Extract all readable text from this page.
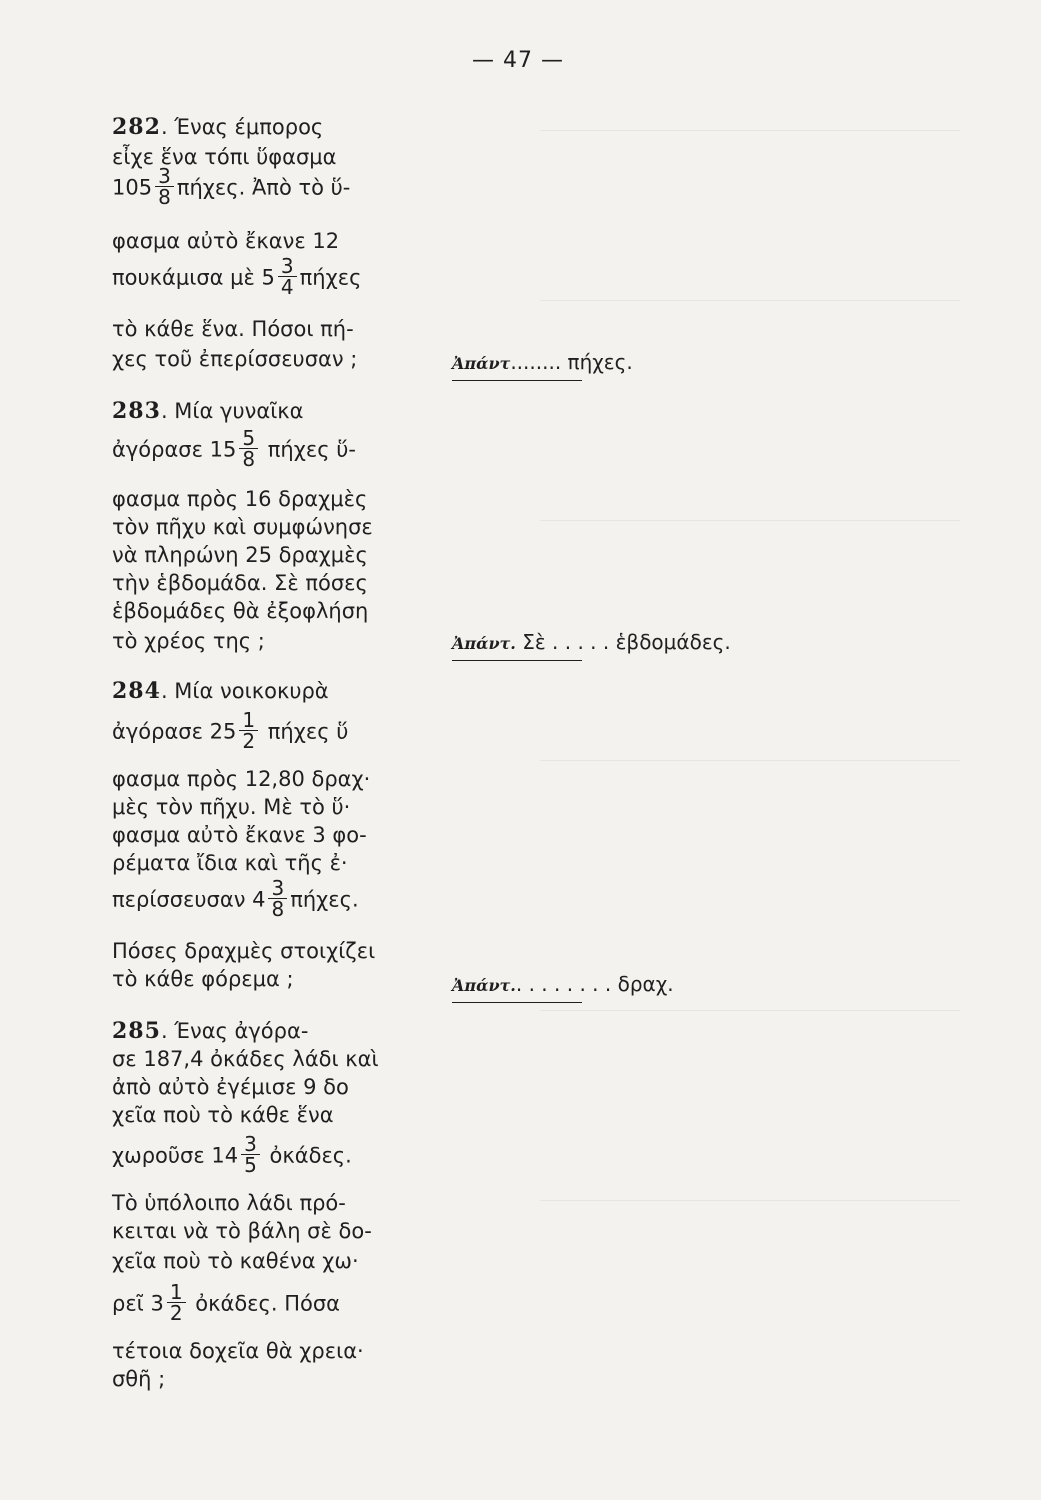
— 47 —
282. Ένας έμπορος
εἶχε ἕνα τόπι ὕφασμα
$105 \frac{3}{8} \pi ή\chi\varepsilon\varsigma$. Ἀπὸ τὸ ὕ-
φασμα αὐτὸ ἔκανε 12
πουκάμισα μὲ $5 \frac{3}{4}$ πήχες
τὸ κάθε ἕνα. Πόσοι πή-
χες τοῦ ἐπερίσσευσαν ;	Ἀπάντ........ πήχες.
283. Μία γυναῖκα
ἀγόρασε $15 \frac{5}{8}$ πήχες ὕ-
φασμα πρὸς 16 δραχμὲς
τὸν πῆχυ καὶ συμφώνησε
νὰ πληρώνη 25 δραχμὲς
τὴν ἑβδομάδα. Σὲ πόσες
ἑβδομάδες θὰ ἐξοφλήση
τὸ χρέος της ;	Ἀπάντ. Σὲ . . . . . ἑβδομάδες.
284. Μία νοικοκυρὰ
ἀγόρασε $25 \frac{1}{2}$ πήχες ὕ
φασμα πρὸς 12,80 δραχ·
μὲς τὸν πῆχυ. Μὲ τὸ ὕ·
φασμα αὐτὸ ἔκανε 3 φο-
ρέματα ἴδια καὶ τῆς ἐ·
περίσσευσαν $4 \frac{3}{8} \pi ή\chi\varepsilon\varsigma$.
Πόσες δραχμὲς στοιχίζει
τὸ κάθε φόρεμα ;	Ἀπάντ.. . . . . . . . δραχ.
285. Ένας ἀγόρα-
σε 187,4 ὀκάδες λάδι καὶ
ἀπὸ αὐτὸ ἐγέμισε 9 δο
χεῖα ποὺ τὸ κάθε ἕνα
χωροῦσε $14 \frac{3}{5}$ ὀκάδες.
Τὸ ὑπόλοιπο λάδι πρό-
κειται νὰ τὸ βάλη σὲ δο-
χεῖα ποὺ τὸ καθένα χω·
ρεῖ $3 \frac{1}{2}$ ὀκάδες. Πόσα
τέτοια δοχεῖα θὰ χρεια·
σθῆ ;
